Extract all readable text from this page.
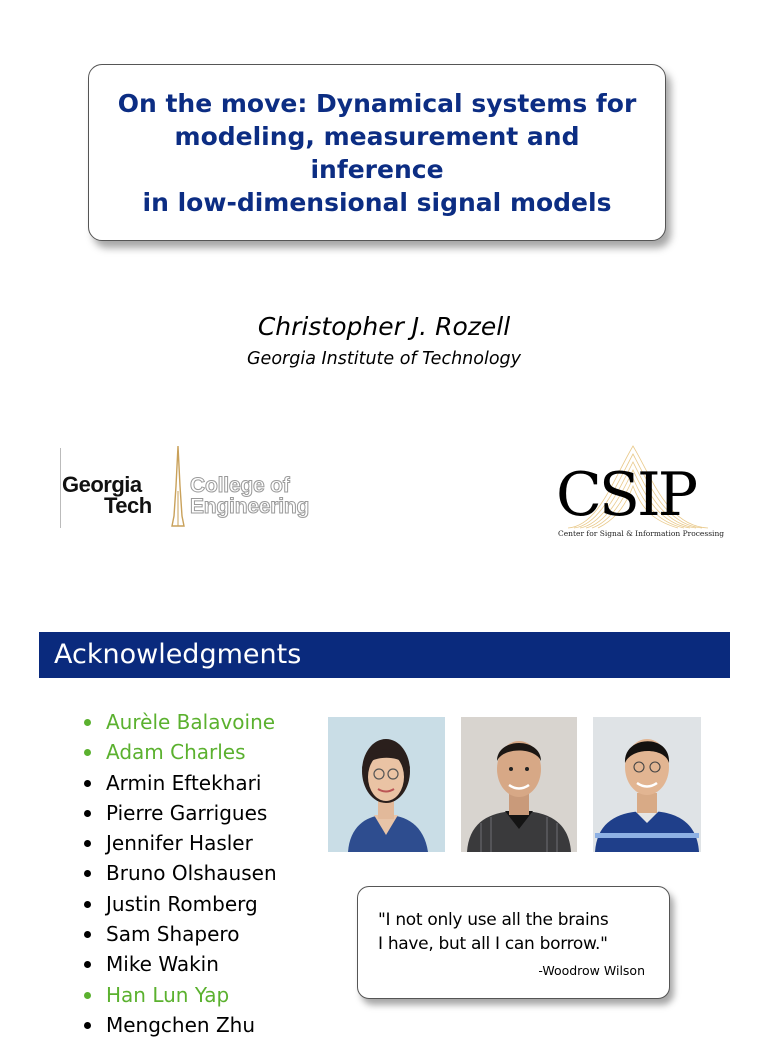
On the move: Dynamical systems for
modeling, measurement and inference
in low-dimensional signal models
Christopher J. Rozell
Georgia Institute of Technology
Georgia
Tech
College of
Engineering	CSIP
Center for Signal & Information Processing
Acknowledgments
Aurèle Balavoine
Adam Charles
Armin Eftekhari
Pierre Garrigues
Jennifer Hasler
Bruno Olshausen
Justin Romberg
Sam Shapero
Mike Wakin
Han Lun Yap
Mengchen Zhu

"I not only use all the brains
I have, but all I can borrow."

-Woodrow Wilson
